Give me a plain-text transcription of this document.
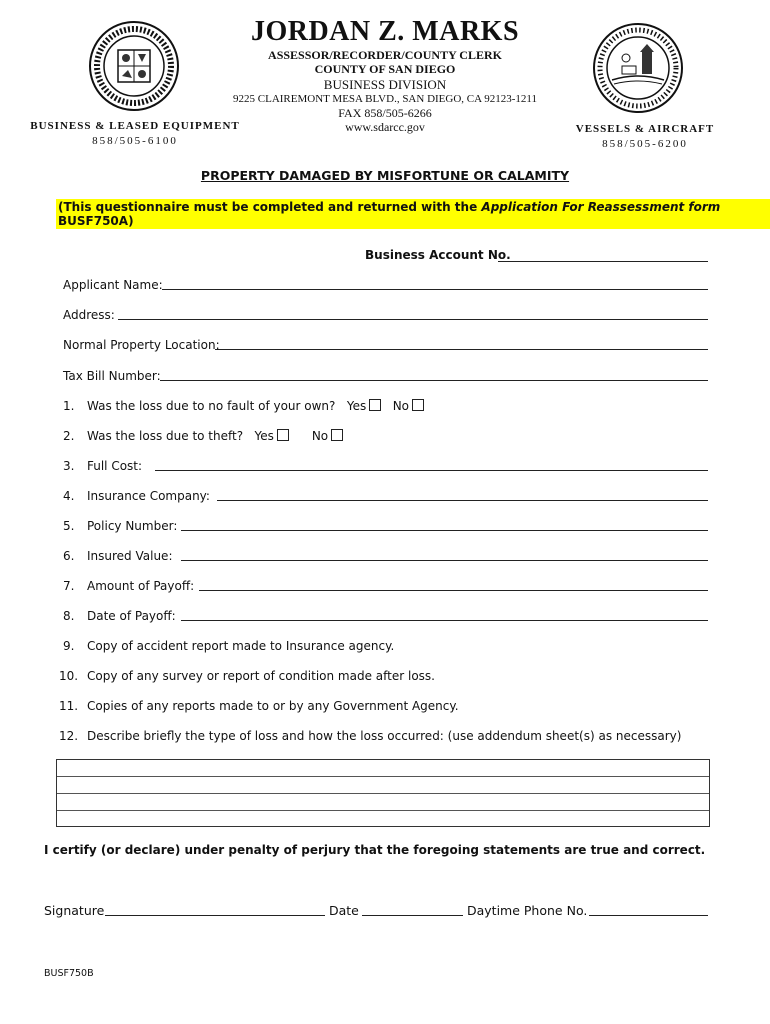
JORDAN Z. MARKS
ASSESSOR/RECORDER/COUNTY CLERK
COUNTY OF SAN DIEGO
BUSINESS DIVISION
9225 CLAIREMONT MESA BLVD., SAN DIEGO, CA 92123-1211
FAX 858/505-6266
www.sdarcc.gov
BUSINESS & LEASED EQUIPMENT
858/505-6100
VESSELS & AIRCRAFT
858/505-6200
PROPERTY DAMAGED BY MISFORTUNE OR CALAMITY
(This questionnaire must be completed and returned with the Application For Reassessment form BUSF750A)
Business Account No.
Applicant Name:
Address:
Normal Property Location:
Tax Bill Number:
1. Was the loss due to no fault of your own? Yes No
2. Was the loss due to theft? Yes	No
3. Full Cost:
4. Insurance Company:
5. Policy Number:
6. Insured Value:
7. Amount of Payoff:
8. Date of Payoff:
9. Copy of accident report made to Insurance agency.
10. Copy of any survey or report of condition made after loss.
11. Copies of any reports made to or by any Government Agency.
12. Describe briefly the type of loss and how the loss occurred: (use addendum sheet(s) as necessary)
I certify (or declare) under penalty of perjury that the foregoing statements are true and correct.
Signature	Date	Daytime Phone No.
BUSF750B
